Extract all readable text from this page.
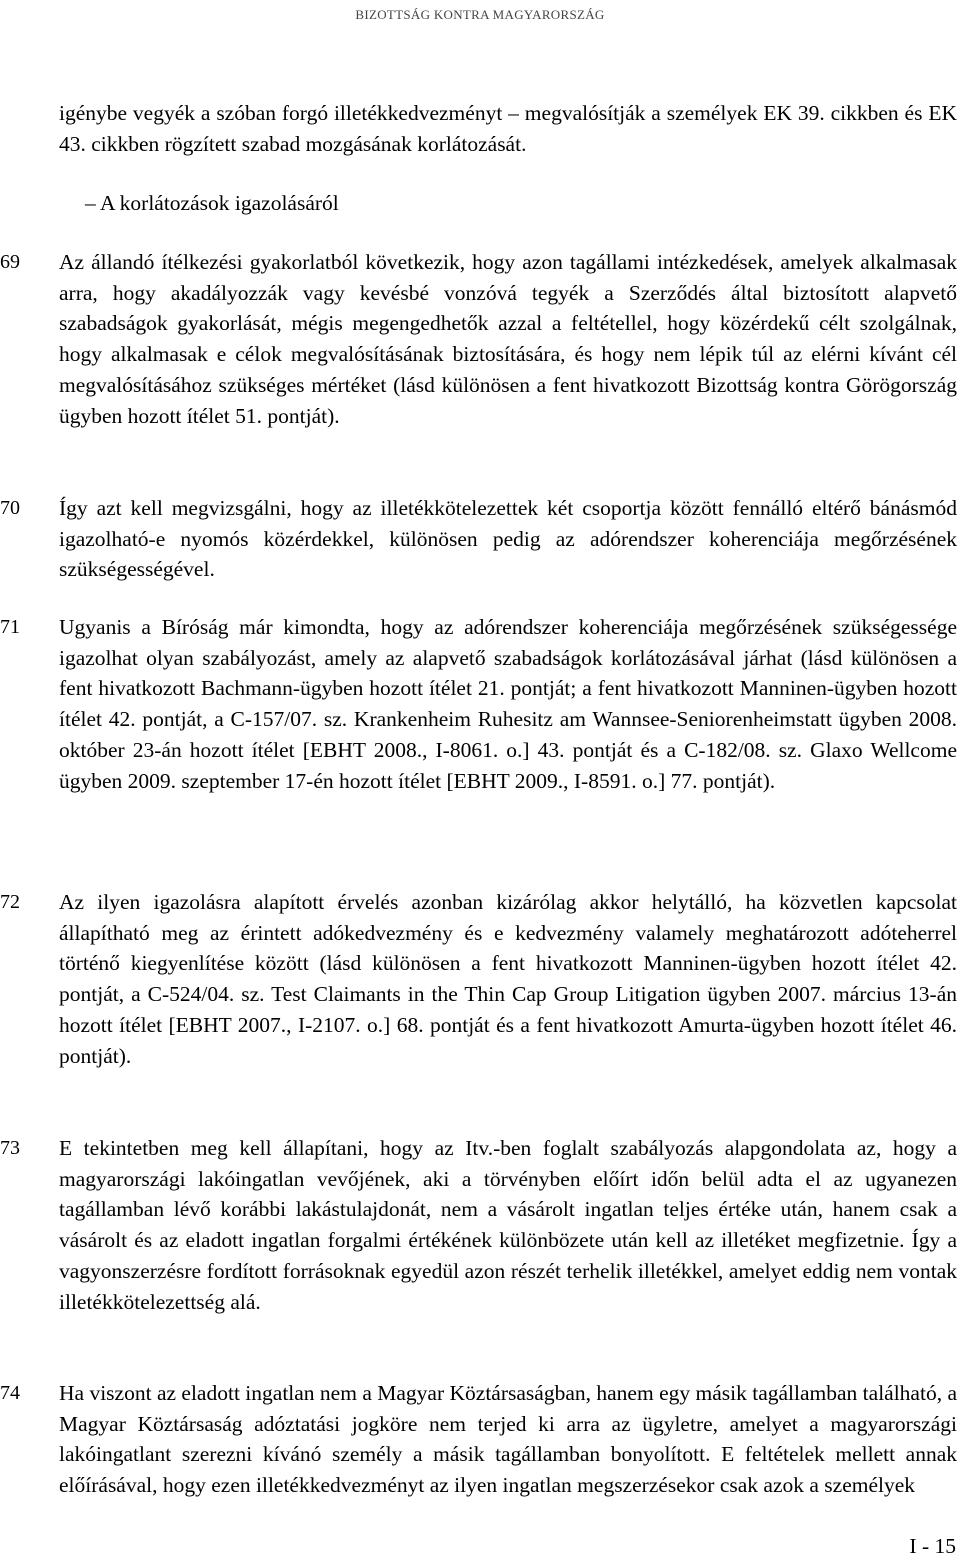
BIZOTTSÁG KONTRA MAGYARORSZÁG
igénybe vegyék a szóban forgó illetékkedvezményt – megvalósítják a személyek EK 39. cikkben és EK 43. cikkben rögzített szabad mozgásának korlátozását.
– A korlátozások igazolásáról
69	Az állandó ítélkezési gyakorlatból következik, hogy azon tagállami intézkedések, amelyek alkalmasak arra, hogy akadályozzák vagy kevésbé vonzóvá tegyék a Szerződés által biztosított alapvető szabadságok gyakorlását, mégis megengedhetők azzal a feltétellel, hogy közérdekű célt szolgálnak, hogy alkalmasak e célok megvalósításának biztosítására, és hogy nem lépik túl az elérni kívánt cél megvalósításához szükséges mértéket (lásd különösen a fent hivatkozott Bizottság kontra Görögország ügyben hozott ítélet 51. pontját).
70	Így azt kell megvizsgálni, hogy az illetékkötelezettek két csoportja között fennálló eltérő bánásmód igazolható-e nyomós közérdekkel, különösen pedig az adórendszer koherenciája megőrzésének szükségességével.
71	Ugyanis a Bíróság már kimondta, hogy az adórendszer koherenciája megőrzésének szükségessége igazolhat olyan szabályozást, amely az alapvető szabadságok korlátozásával járhat (lásd különösen a fent hivatkozott Bachmann-ügyben hozott ítélet 21. pontját; a fent hivatkozott Manninen-ügyben hozott ítélet 42. pontját, a C-157/07. sz. Krankenheim Ruhesitz am Wannsee-Seniorenheimstatt ügyben 2008. október 23-án hozott ítélet [EBHT 2008., I-8061. o.] 43. pontját és a C-182/08. sz. Glaxo Wellcome ügyben 2009. szeptember 17-én hozott ítélet [EBHT 2009., I-8591. o.] 77. pontját).
72	Az ilyen igazolásra alapított érvelés azonban kizárólag akkor helytálló, ha közvetlen kapcsolat állapítható meg az érintett adókedvezmény és e kedvezmény valamely meghatározott adóteherrel történő kiegyenlítése között (lásd különösen a fent hivatkozott Manninen-ügyben hozott ítélet 42. pontját, a C-524/04. sz. Test Claimants in the Thin Cap Group Litigation ügyben 2007. március 13-án hozott ítélet [EBHT 2007., I-2107. o.] 68. pontját és a fent hivatkozott Amurta-ügyben hozott ítélet 46. pontját).
73	E tekintetben meg kell állapítani, hogy az Itv.-ben foglalt szabályozás alapgondolata az, hogy a magyarországi lakóingatlan vevőjének, aki a törvényben előírt időn belül adta el az ugyanezen tagállamban lévő korábbi lakástulajdonát, nem a vásárolt ingatlan teljes értéke után, hanem csak a vásárolt és az eladott ingatlan forgalmi értékének különbözete után kell az illetéket megfizetnie. Így a vagyonszerzésre fordított forrásoknak egyedül azon részét terhelik illetékkel, amelyet eddig nem vontak illetékkötelezettség alá.
74	Ha viszont az eladott ingatlan nem a Magyar Köztársaságban, hanem egy másik tagállamban található, a Magyar Köztársaság adóztatási jogköre nem terjed ki arra az ügyletre, amelyet a magyarországi lakóingatlant szerezni kívánó személy a másik tagállamban bonyolított. E feltételek mellett annak előírásával, hogy ezen illetékkedvezményt az ilyen ingatlan megszerzésekor csak azok a személyek
I - 15
